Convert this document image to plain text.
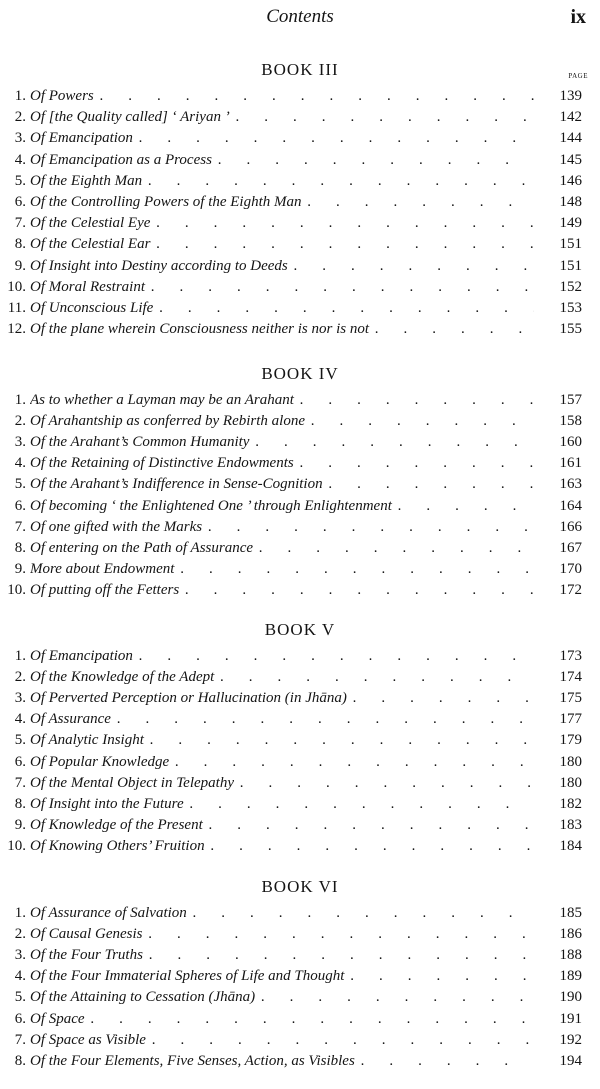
Contents	ix
BOOK III	PAGE
1. Of Powers .	139
2. Of [the Quality called] ‘ Ariyan ’ .	142
3. Of Emancipation .	144
4. Of Emancipation as a Process .	145
5. Of the Eighth Man .	146
6. Of the Controlling Powers of the Eighth Man .	148
7. Of the Celestial Eye .	149
8. Of the Celestial Ear .	151
9. Of Insight into Destiny according to Deeds .	151
10. Of Moral Restraint .	152
11. Of Unconscious Life .	153
12. Of the plane wherein Consciousness neither is nor is not .	155
BOOK IV
1. As to whether a Layman may be an Arahant .	157
2. Of Arahantship as conferred by Rebirth alone .	158
3. Of the Arahant’s Common Humanity .	160
4. Of the Retaining of Distinctive Endowments .	161
5. Of the Arahant’s Indifference in Sense-Cognition .	163
6. Of becoming ‘ the Enlightened One ’ through Enlightenment .	164
7. Of one gifted with the Marks .	166
8. Of entering on the Path of Assurance .	167
9. More about Endowment .	170
10. Of putting off the Fetters .	172
BOOK V
1. Of Emancipation .	173
2. Of the Knowledge of the Adept .	174
3. Of Perverted Perception or Hallucination (in Jhāna) .	175
4. Of Assurance .	177
5. Of Analytic Insight .	179
6. Of Popular Knowledge .	180
7. Of the Mental Object in Telepathy .	180
8. Of Insight into the Future .	182
9. Of Knowledge of the Present .	183
10. Of Knowing Others’ Fruition .	184
BOOK VI
1. Of Assurance of Salvation .	185
2. Of Causal Genesis .	186
3. Of the Four Truths .	188
4. Of the Four Immaterial Spheres of Life and Thought .	189
5. Of the Attaining to Cessation (Jhāna) .	190
6. Of Space .	191
7. Of Space as Visible .	192
8. Of the Four Elements, Five Senses, Action, as Visibles .	194
